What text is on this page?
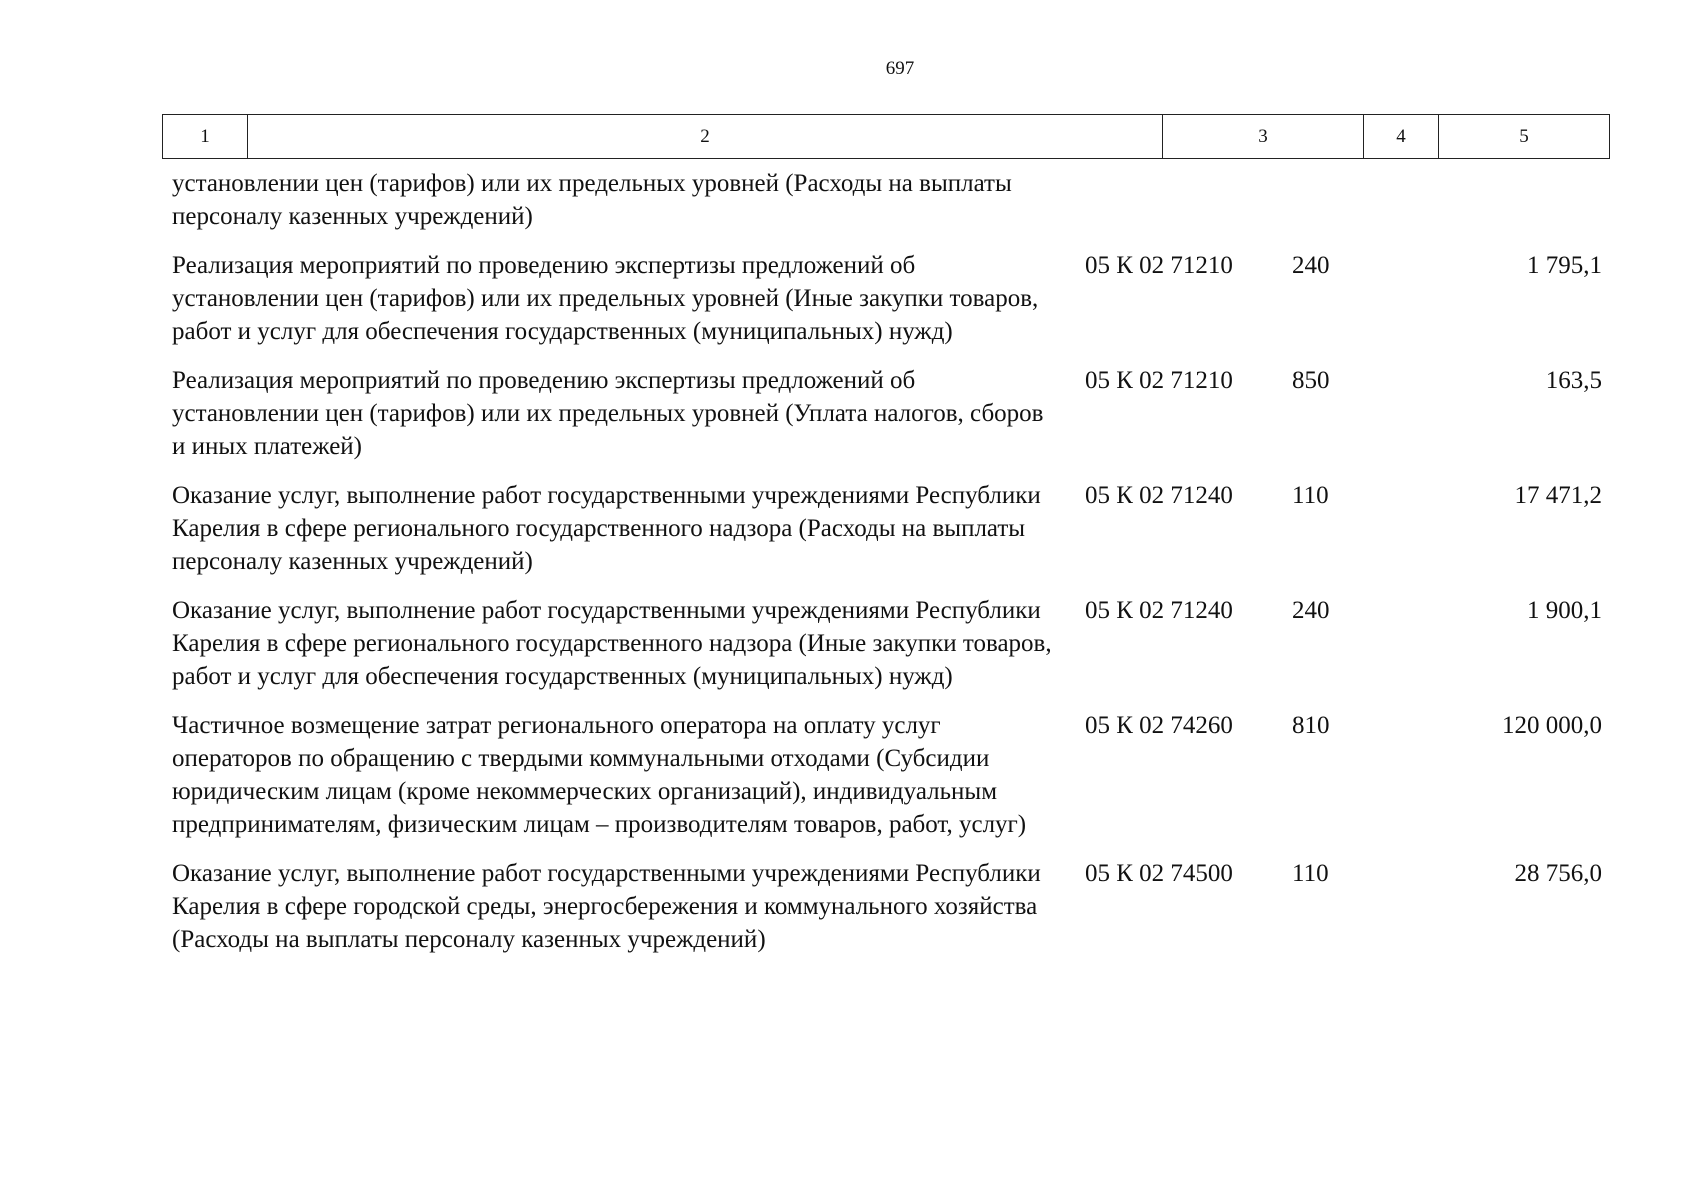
697
1	2	3	4	5
установлении цен (тарифов) или их предельных уровней (Расходы на выплаты персоналу казенных учреждений)
Реализация мероприятий по проведению экспертизы предложений об установлении цен (тарифов) или их предельных уровней (Иные закупки товаров, работ и услуг для обеспечения государственных (муниципальных) нужд)
05 К 02 71210	240	1 795,1
Реализация мероприятий по проведению экспертизы предложений об установлении цен (тарифов) или их предельных уровней (Уплата налогов, сборов и иных платежей)
05 К 02 71210	850	163,5
Оказание услуг, выполнение работ государственными учреждениями Республики Карелия в сфере регионального государственного надзора (Расходы на выплаты персоналу казенных учреждений)
05 К 02 71240	110	17 471,2
Оказание услуг, выполнение работ государственными учреждениями Республики Карелия в сфере регионального государственного надзора (Иные закупки товаров, работ и услуг для обеспечения государственных (муниципальных) нужд)
05 К 02 71240	240	1 900,1
Частичное возмещение затрат регионального оператора на оплату услуг операторов по обращению с твердыми коммунальными отходами (Субсидии юридическим лицам (кроме некоммерческих организаций), индивидуальным предпринимателям, физическим лицам – производителям товаров, работ, услуг)
05 К 02 74260	810	120 000,0
Оказание услуг, выполнение работ государственными учреждениями Республики Карелия в сфере городской среды, энергосбережения и коммунального хозяйства (Расходы на выплаты персоналу казенных учреждений)
05 К 02 74500	110	28 756,0
